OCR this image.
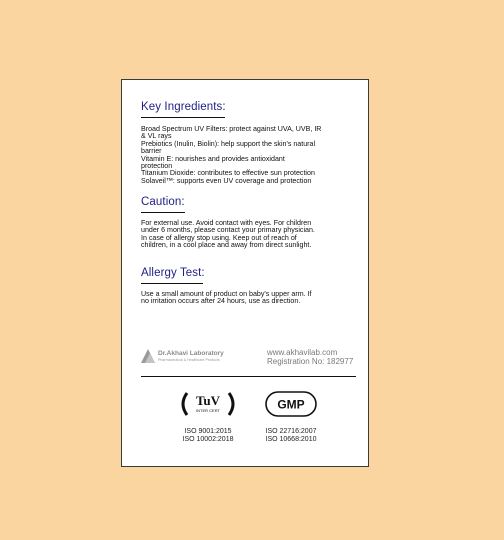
Key Ingredients:
Broad Spectrum UV Filters: protect against UVA, UVB, IR
& VL rays
Prebiotics (Inulin, Biolin): help support the skin's natural
barrier
Vitamin E: nourishes and provides antioxidant
protection
Titanium Dioxide: contributes to effective sun protection
Solaveil™: supports even UV coverage and protection
Caution:

For external use. Avoid contact with eyes. For children

under 6 months, please contact your primary physician.

In case of allergy stop using. Keep out of reach of

children, in a cool place and away from direct sunlight.

Allergy Test:

Use a small amount of product on baby's upper arm. If

no irritation occurs after 24 hours, use as direction.

Dr.Akhavi Laboratory
Pharmaceutical & Healthcare Products
www.akhavilab.com
Registration No: 182977
TuV
INTER CERT
ISO 9001:2015
ISO 10002:2018
GMP
ISO 22716:2007
ISO 10668:2010
